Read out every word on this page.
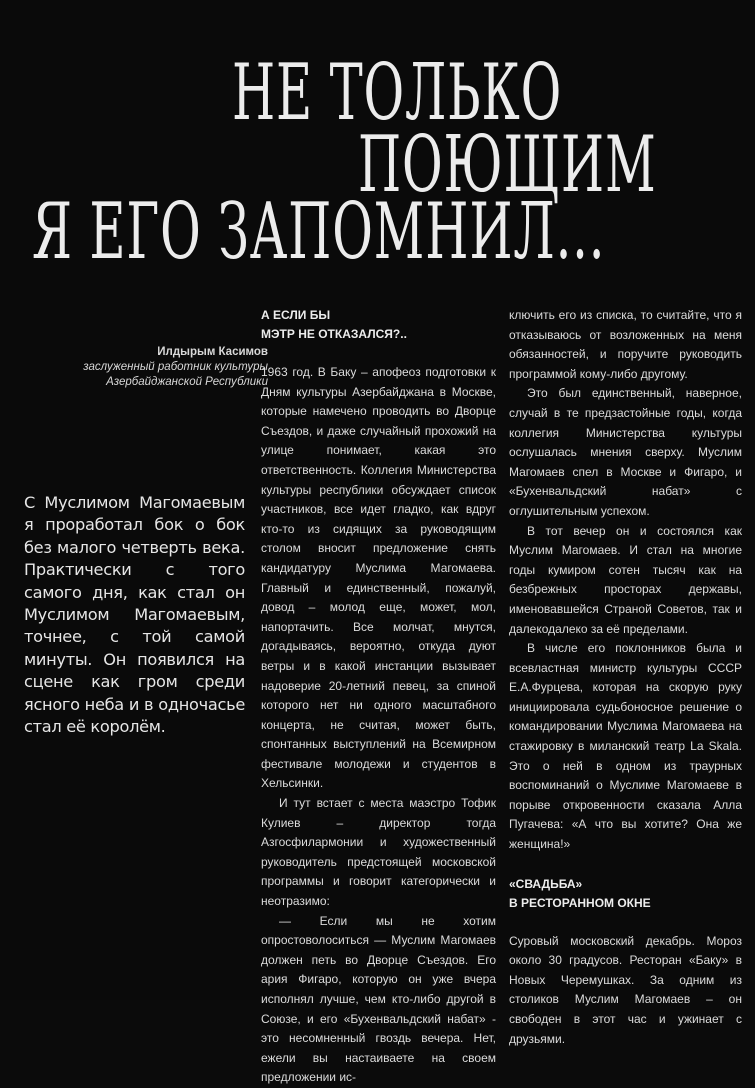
НЕ ТОЛЬКО
ПОЮЩИМ
Я ЕГО ЗАПОМНИЛ...
Илдырым Касимов
заслуженный работник культуры
Азербайджанской Республики
С Муслимом Магомаевым я проработал бок о бок без малого четверть века. Практически с того самого дня, как стал он Муслимом Магомаевым, точнее, с той самой минуты. Он появился на сцене как гром среди ясного неба и в одночасье стал её королём.
А ЕСЛИ БЫ
МЭТР НЕ ОТКАЗАЛСЯ?..

1963 год. В Баку – апофеоз подготовки к Дням культуры Азербайджана в Москве, которые намечено проводить во Дворце Съездов, и даже случайный прохожий на улице понимает, какая это ответственность. Коллегия Министерства культуры республики обсуждает список участников, все идет гладко, как вдруг кто-то из сидящих за руководящим столом вносит предложение снять кандидатуру Муслима Магомаева. Главный и единственный, пожалуй, довод – молод еще, может, мол, напортачить. Все молчат, мнутся, догадываясь, вероятно, откуда дуют ветры и в какой инстанции вызывает надоверие 20-летний певец, за спиной которого нет ни одного масштабного концерта, не считая, может быть, спонтанных выступлений на Всемирном фестивале молодежи и студентов в Хельсинки.

И тут встает с места маэстро Тофик Кулиев – директор тогда Азгосфилармонии и художественный руководитель предстоящей московской программы и говорит категорически и неотразимо:

— Если мы не хотим опростоволоситься — Муслим Магомаев должен петь во Дворце Съездов. Его ария Фигаро, которую он уже вчера исполнял лучше, чем кто-либо другой в Союзе, и его «Бухенвальдский набат» - это несомненный гвоздь вечера. Нет, ежели вы настаиваете на своем предложении ис-

ключить его из списка, то считайте, что я отказываюсь от возложенных на меня обязанностей, и поручите руководить программой кому-либо другому.

Это был единственный, наверное, случай в те предзастойные годы, когда коллегия Министерства культуры ослушалась мнения сверху. Муслим Магомаев спел в Москве и Фигаро, и «Бухенвальдский набат» с оглушительным успехом.

В тот вечер он и состоялся как Муслим Магомаев. И стал на многие годы кумиром сотен тысяч как на безбрежных просторах державы, именовавшейся Страной Советов, так и далекодалеко за её пределами.

В числе его поклонников была и всевластная министр культуры СССР Е.А.Фурцева, которая на скорую руку инициировала судьбоносное решение о командировании Муслима Магомаева на стажировку в миланский театр La Skala. Это о ней в одном из траурных воспоминаний о Муслиме Магомаеве в порыве откровенности сказала Алла Пугачева: «А что вы хотите? Она же женщина!»

«СВАДЬБА»
В РЕСТОРАННОМ ОКНЕ

Суровый московский декабрь. Мороз около 30 градусов. Ресторан «Баку» в Новых Черемушках. За одним из столиков Муслим Магомаев – он свободен в этот час и ужинает с друзьями.
